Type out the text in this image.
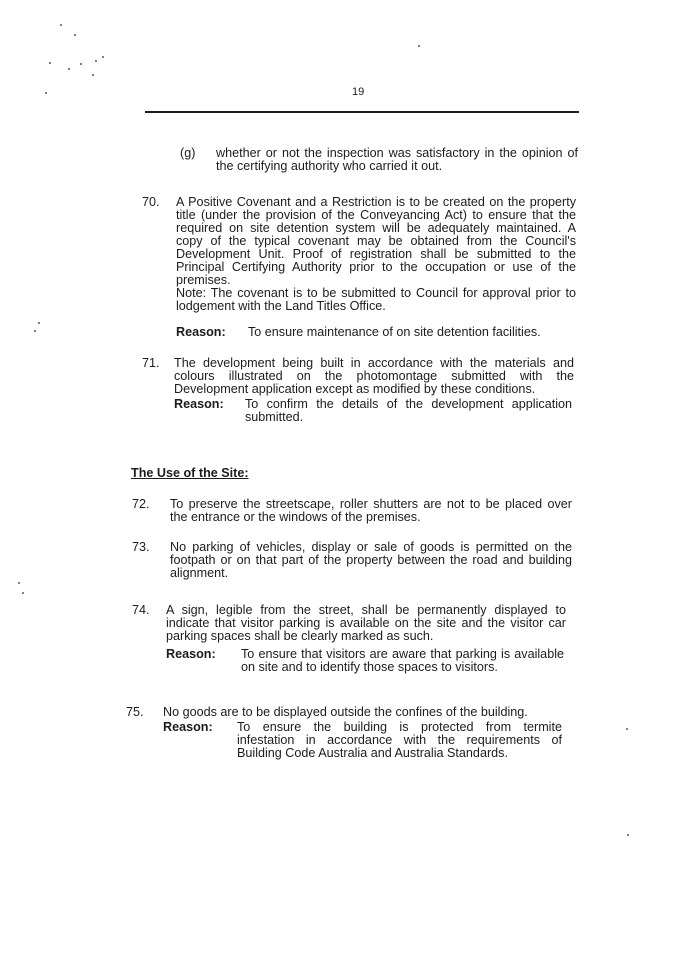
19
(g) whether or not the inspection was satisfactory in the opinion of
the certifying authority who carried it out.
70. A Positive Covenant and a Restriction is to be created on the property
title (under the provision of the Conveyancing Act) to ensure that the
required on site detention system will be adequately maintained. A
copy of the typical covenant may be obtained from the Council's
Development Unit. Proof of registration shall be submitted to the
Principal Certifying Authority prior to the occupation or use of the
premises.
Note: The covenant is to be submitted to Council for approval prior to
lodgement with the Land Titles Office.
Reason: To ensure maintenance of on site detention facilities.
71. The development being built in accordance with the materials and
colours illustrated on the photomontage submitted with the
Development application except as modified by these conditions.
Reason: To confirm the details of the development application
submitted.
The Use of the Site:
72. To preserve the streetscape, roller shutters are not to be placed over
the entrance or the windows of the premises.
73. No parking of vehicles, display or sale of goods is permitted on the
footpath or on that part of the property between the road and building
alignment.
74. A sign, legible from the street, shall be permanently displayed to
indicate that visitor parking is available on the site and the visitor car
parking spaces shall be clearly marked as such.
Reason: To ensure that visitors are aware that parking is available
on site and to identify those spaces to visitors.
75. No goods are to be displayed outside the confines of the building.
Reason: To ensure the building is protected from termite
infestation in accordance with the requirements of
Building Code Australia and Australia Standards.
